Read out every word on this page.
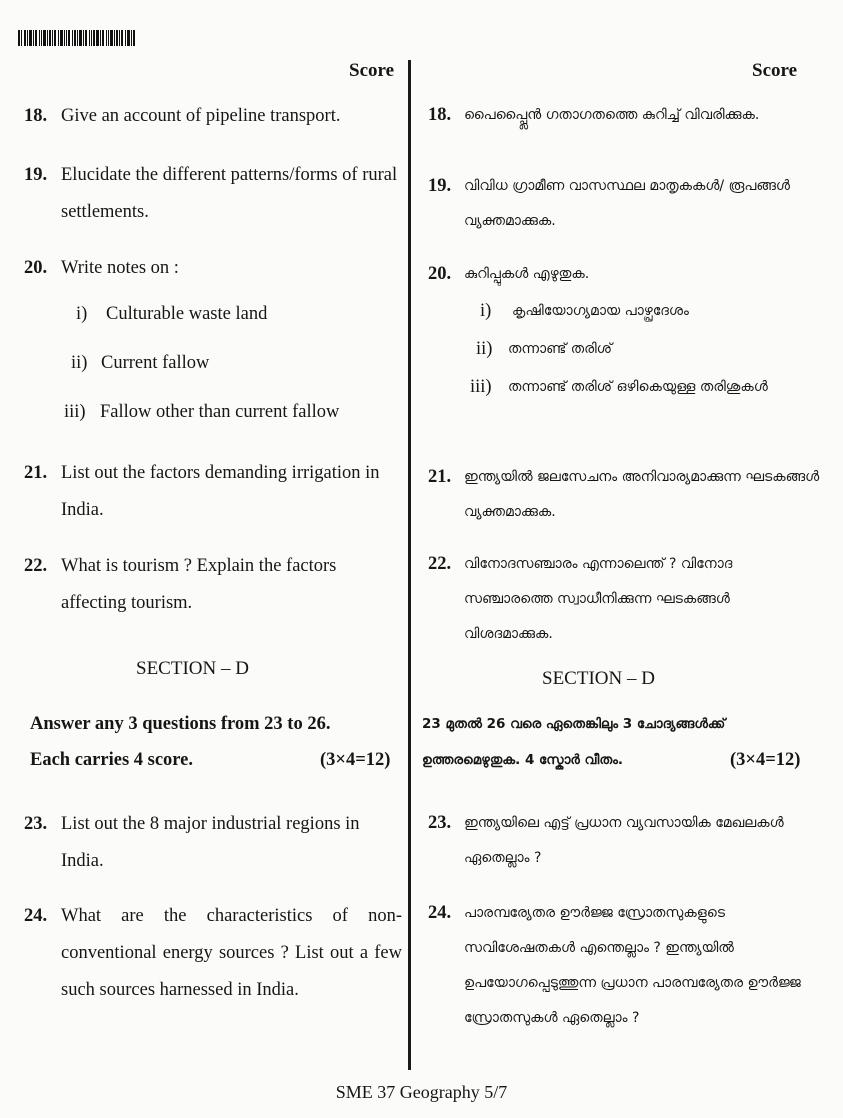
Score	Score
18. Give an account of pipeline transport.
19. Elucidate the different patterns/forms of rural settlements.
20. Write notes on :
i)	Culturable waste land
ii) Current fallow
iii) Fallow other than current fallow
21. List out the factors demanding irrigation in India.
22. What is tourism ? Explain the factors affecting tourism.
SECTION – D
Answer any 3 questions from 23 to 26.
Each carries 4 score.	(3×4=12)
23. List out the 8 major industrial regions in India.
24. What are the characteristics of non-conventional energy sources ? List out a few such sources harnessed in India.
18. പൈപ്പ്ലൈൻ ഗതാഗതത്തെ കുറിച്ച് വിവരിക്കുക.
19. വിവിധ ഗ്രാമീണ വാസസ്ഥല മാതൃകകൾ/ രൂപങ്ങൾ വ്യക്തമാക്കുക.
20. കുറിപ്പുകൾ എഴുതുക.
i)	കൃഷിയോഗ്യമായ പാഴ്പ്രദേശം
ii)	തന്നാണ്ട് തരിശ്
iii)	തന്നാണ്ട് തരിശ് ഒഴികെയുള്ള തരിശുകൾ
21. ഇന്ത്യയിൽ ജലസേചനം അനിവാര്യമാക്കുന്ന ഘടകങ്ങൾ വ്യക്തമാക്കുക.
22. വിനോദസഞ്ചാരം എന്നാലെന്ത് ? വിനോദ സഞ്ചാരത്തെ സ്വാധീനിക്കുന്ന ഘടകങ്ങൾ വിശദമാക്കുക.
SECTION – D
23 മുതൽ 26 വരെ ഏതെങ്കിലും 3 ചോദ്യങ്ങൾക്ക്
ഉത്തരമെഴുതുക. 4 സ്കോർ വീതം.	(3×4=12)
23. ഇന്ത്യയിലെ എട്ട് പ്രധാന വ്യവസായിക മേഖലകൾ ഏതെല്ലാം ?
24. പാരമ്പര്യേതര ഊർജ്ജ സ്രോതസുകളുടെ സവിശേഷതകൾ എന്തെല്ലാം ? ഇന്ത്യയിൽ ഉപയോഗപ്പെടുത്തുന്ന പ്രധാന പാരമ്പര്യേതര ഊർജ്ജ സ്രോതസുകൾ ഏതെല്ലാം ?
SME 37 Geography 5/7
